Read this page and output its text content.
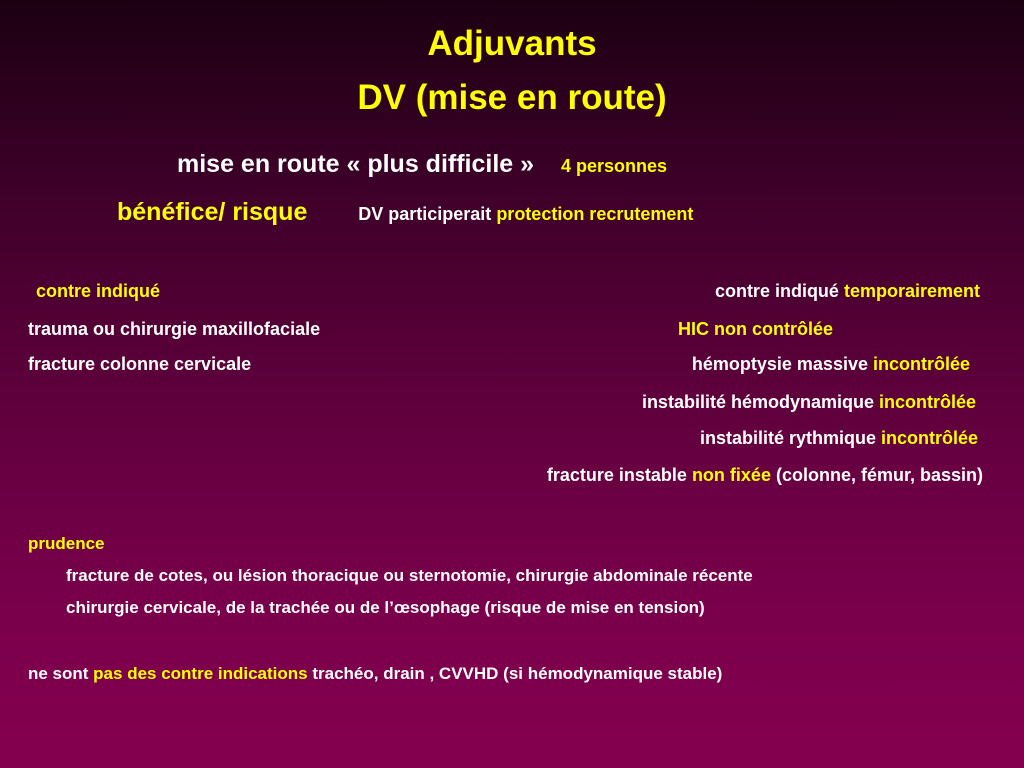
Adjuvants
DV (mise en route)
mise en route « plus difficile » 4 personnes
bénéfice/ risque	DV participerait protection recrutement
contre indiqué
trauma ou chirurgie maxillofaciale
fracture colonne cervicale
contre indiqué temporairement
HIC non contrôlée
hémoptysie massive incontrôlée
instabilité hémodynamique incontrôlée
instabilité rythmique incontrôlée
fracture instable non fixée (colonne, fémur, bassin)
prudence
fracture de cotes, ou lésion thoracique ou sternotomie, chirurgie abdominale récente
chirurgie cervicale, de la trachée ou de l’œsophage (risque de mise en tension)
ne sont pas des contre indications trachéo, drain , CVVHD (si hémodynamique stable)
